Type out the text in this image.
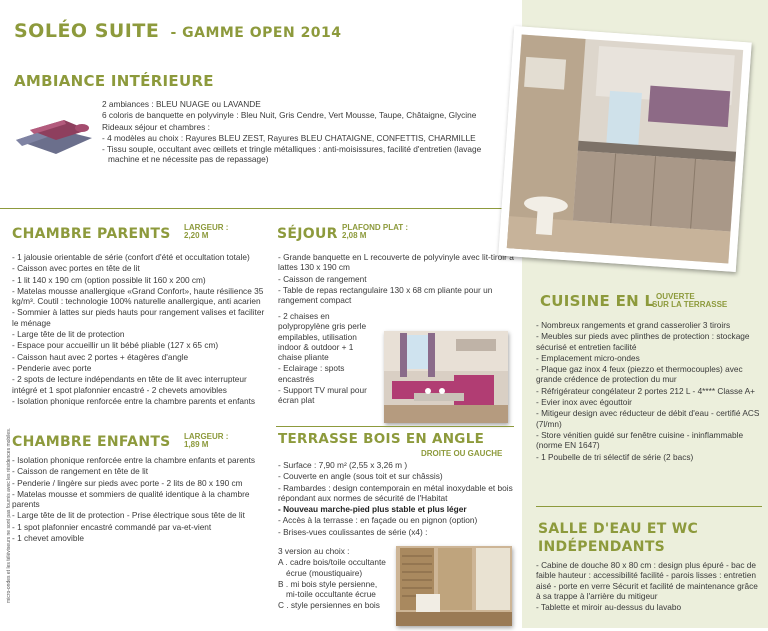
SOLÉO SUITE - GAMME OPEN 2014
micro-ondes et les téléviseurs ne sont pas fournis avec les résidences mobiles.
AMBIANCE INTÉRIEURE
2 ambiances : BLEU NUAGE ou LAVANDE
6 coloris de banquette en polyvinyle : Bleu Nuit, Gris Cendre, Vert Mousse, Taupe, Châtaigne, Glycine
Rideaux séjour et chambres :
- 4 modèles au choix : Rayures BLEU ZEST, Rayures BLEU CHATAIGNE, CONFETTIS, CHARMILLE
- Tissu souple, occultant avec œillets et tringle métalliques : anti-moisissures, facilité d'entretien (lavage machine et ne nécessite pas de repassage)
CHAMBRE PARENTS LARGEUR :
2,20 M
- 1 jalousie orientable de série (confort d'été et occultation totale)
- Caisson avec portes en tête de lit
- 1 lit 140 x 190 cm (option possible lit 160 x 200 cm)
- Matelas mousse anallergique «Grand Confort», haute résilience 35 kg/m³. Coutil : technologie 100% naturelle anallergique, anti acarien
- Sommier à lattes sur pieds hauts pour rangement valises et faciliter le ménage
- Large tête de lit de protection
- Espace pour accueillir un lit bébé pliable (127 x 65 cm)
- Caisson haut avec 2 portes + étagères d'angle
- Penderie avec porte
- 2 spots de lecture indépendants en tête de lit avec interrupteur intégré et 1 spot plafonnier encastré - 2 chevets amovibles
- Isolation phonique renforcée entre la chambre parents et enfants
CHAMBRE ENFANTS LARGEUR :
1,89 M
- Isolation phonique renforcée entre la chambre enfants et parents
- Caisson de rangement en tête de lit
- Penderie / lingère sur pieds avec porte - 2 lits de 80 x 190 cm
- Matelas mousse et sommiers de qualité identique à la chambre parents
- Large tête de lit de protection - Prise électrique sous tête de lit
- 1 spot plafonnier encastré commandé par va-et-vient
- 1 chevet amovible
SÉJOUR PLAFOND PLAT :
2,08 M
- Grande banquette en L recouverte de polyvinyle avec lit-tiroir à lattes 130 x 190 cm
- Caisson de rangement
- Table de repas rectangulaire 130 x 68 cm pliante pour un rangement compact
- 2 chaises en polypropylène gris perle empilables, utilisation indoor & outdoor + 1 chaise pliante
- Eclairage : spots encastrés
- Support TV mural pour écran plat
TERRASSE BOIS EN ANGLE
DROITE OU GAUCHE
- Surface : 7,90 m² (2,55 x 3,26 m )
- Couverte en angle (sous toit et sur châssis)
- Rambardes : design contemporain en métal inoxydable et bois répondant aux normes de sécurité de l'Habitat
- Nouveau marche-pied plus stable et plus léger
- Accès à la terrasse : en façade ou en pignon (option)
- Brises-vues coulissantes de série (x4) :
3 version au choix :
A . cadre bois/toile occultante écrue (moustiquaire)
B . mi bois style persienne, mi-toile occultante écrue
C . style persiennes en bois
CUISINE EN L OUVERTE
SUR LA TERRASSE
- Nombreux rangements et grand casserolier 3 tiroirs
- Meubles sur pieds avec plinthes de protection : stockage sécurisé et entretien facilité
- Emplacement micro-ondes
- Plaque gaz inox 4 feux (piezzo et thermocouples) avec grande crédence de protection du mur
- Réfrigérateur congélateur 2 portes 212 L - 4**** Classe A+
- Evier inox avec égouttoir
- Mitigeur design avec réducteur de débit d'eau - certifié ACS (7l/mn)
- Store vénitien guidé sur fenêtre cuisine - ininflammable (norme EN 1647)
- 1 Poubelle de tri sélectif de série (2 bacs)
SALLE D'EAU ET WC
INDÉPENDANTS
- Cabine de douche 80 x 80 cm : design plus épuré - bac de faible hauteur : accessibilité facilité - parois lisses : entretien aisé - porte en verre Sécurit et facilité de maintenance grâce à sa trappe à l'arrière du mitigeur
- Tablette et miroir au-dessus du lavabo
